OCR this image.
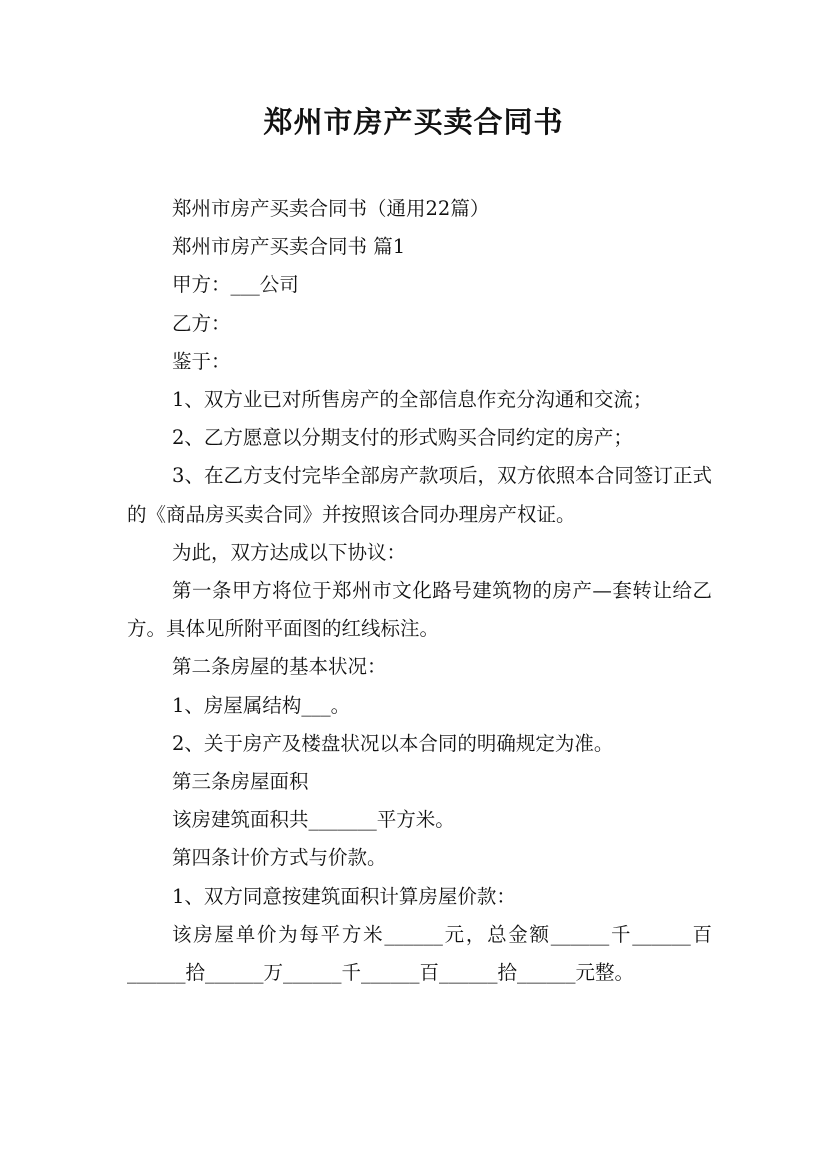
郑州市房产买卖合同书

郑州市房产买卖合同书（通用22篇）

郑州市房产买卖合同书 篇1

甲方：___公司

乙方：

鉴于：

1、双方业已对所售房产的全部信息作充分沟通和交流；

2、乙方愿意以分期支付的形式购买合同约定的房产；

3、在乙方支付完毕全部房产款项后，双方依照本合同签订正式的《商品房买卖合同》并按照该合同办理房产权证。

为此，双方达成以下协议：

第一条甲方将位于郑州市文化路号建筑物的房产—套转让给乙方。具体见所附平面图的红线标注。

第二条房屋的基本状况：

1、房屋属结构___。

2、关于房产及楼盘状况以本合同的明确规定为准。

第三条房屋面积

该房建筑面积共_______平方米。

第四条计价方式与价款。

1、双方同意按建筑面积计算房屋价款：

该房屋单价为每平方米______元，总金额______千______百______拾______万______千______百______拾______元整。
